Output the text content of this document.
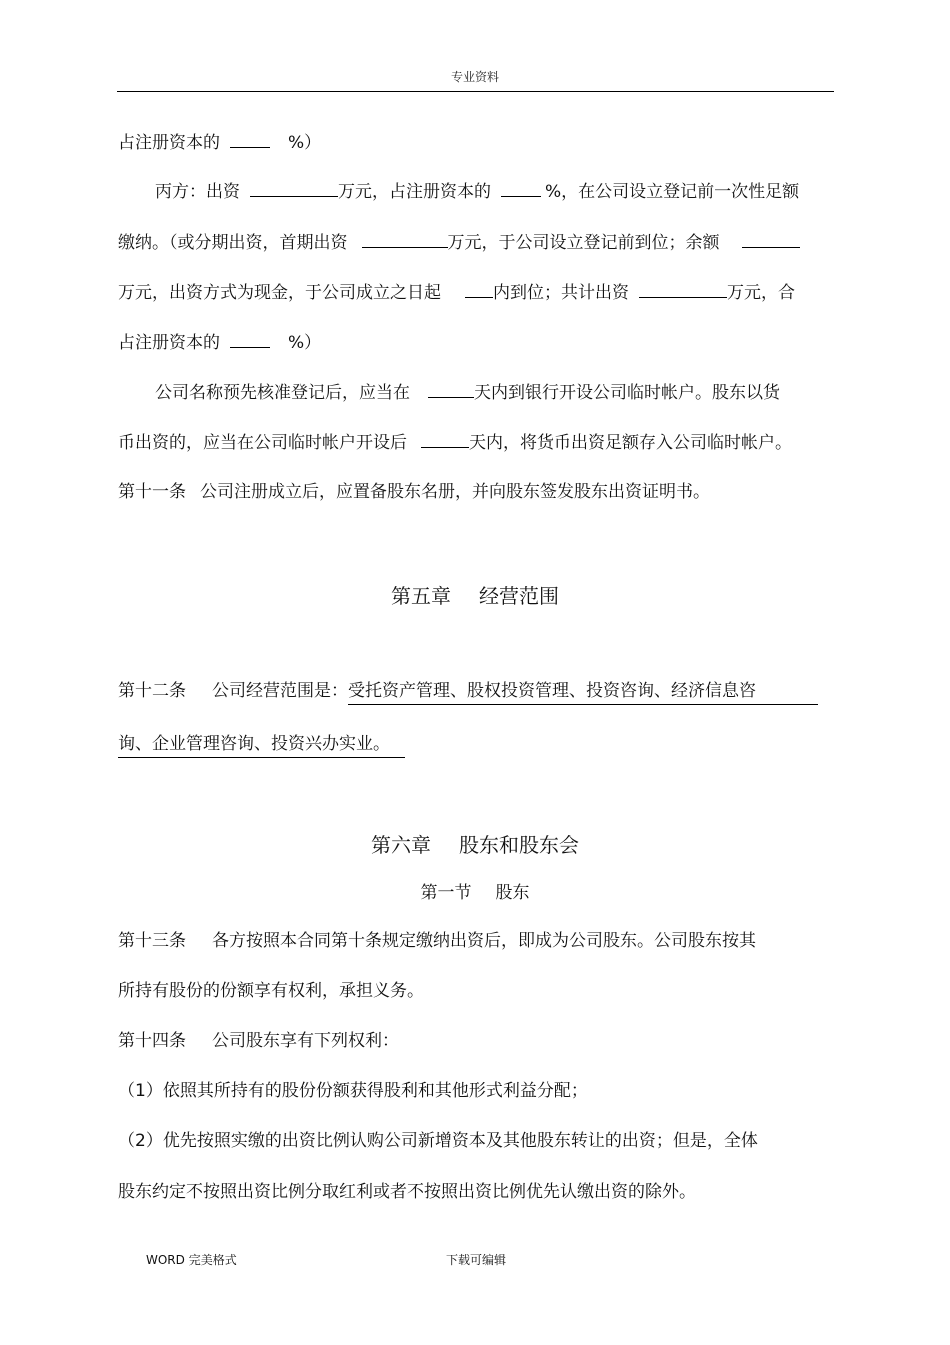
专业资料
占注册资本的	%）
丙方：出资	万元，占注册资本的	%，在公司设立登记前一次性足额
缴纳。（或分期出资，首期出资	万元，于公司设立登记前到位；余额
万元，出资方式为现金，于公司成立之日起	内到位；共计出资	万元，合
占注册资本的	%）
公司名称预先核准登记后，应当在	天内到银行开设公司临时帐户。股东以货
币出资的，应当在公司临时帐户开设后	天内，将货币出资足额存入公司临时帐户。
第十一条 公司注册成立后，应置备股东名册，并向股东签发股东出资证明书。
第五章 经营范围
第十二条 公司经营范围是：受托资产管理、股权投资管理、投资咨询、经济信息咨
询、企业管理咨询、投资兴办实业。
第六章 股东和股东会
第一节 股东
第十三条 各方按照本合同第十条规定缴纳出资后，即成为公司股东。公司股东按其
所持有股份的份额享有权利，承担义务。
第十四条 公司股东享有下列权利：
（1）依照其所持有的股份份额获得股利和其他形式利益分配；
（2）优先按照实缴的出资比例认购公司新增资本及其他股东转让的出资；但是，全体
股东约定不按照出资比例分取红利或者不按照出资比例优先认缴出资的除外。
WORD 完美格式	下载可编辑
